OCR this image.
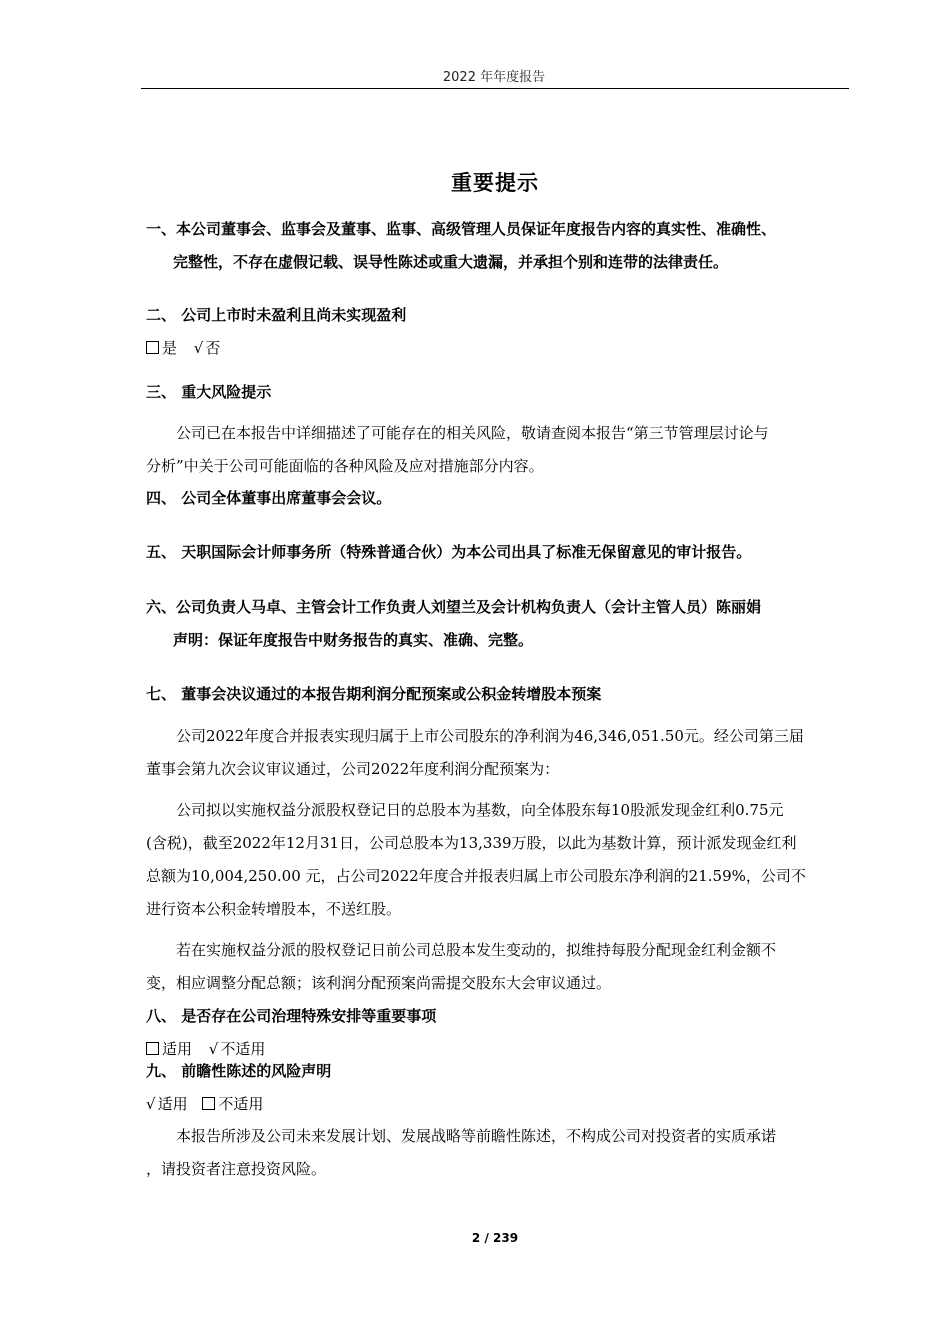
2022 年年度报告
重要提示
一、本公司董事会、监事会及董事、监事、高级管理人员保证年度报告内容的真实性、准确性、
完整性，不存在虚假记载、误导性陈述或重大遗漏，并承担个别和连带的法律责任。
二、 公司上市时未盈利且尚未实现盈利
是 √ 否
三、 重大风险提示
公司已在本报告中详细描述了可能存在的相关风险，敬请查阅本报告“第三节管理层讨论与
分析”中关于公司可能面临的各种风险及应对措施部分内容。
四、 公司全体董事出席董事会会议。
五、 天职国际会计师事务所（特殊普通合伙）为本公司出具了标准无保留意见的审计报告。
六、公司负责人马卓、主管会计工作负责人刘望兰及会计机构负责人（会计主管人员）陈丽娟
声明：保证年度报告中财务报告的真实、准确、完整。
七、 董事会决议通过的本报告期利润分配预案或公积金转增股本预案
公司2022年度合并报表实现归属于上市公司股东的净利润为46,346,051.50元。经公司第三届
董事会第九次会议审议通过，公司2022年度利润分配预案为：
公司拟以实施权益分派股权登记日的总股本为基数，向全体股东每10股派发现金红利0.75元
(含税)，截至2022年12月31日，公司总股本为13,339万股，以此为基数计算，预计派发现金红利
总额为10,004,250.00 元，占公司2022年度合并报表归属上市公司股东净利润的21.59%，公司不
进行资本公积金转增股本，不送红股。
若在实施权益分派的股权登记日前公司总股本发生变动的，拟维持每股分配现金红利金额不
变，相应调整分配总额；该利润分配预案尚需提交股东大会审议通过。
八、 是否存在公司治理特殊安排等重要事项
适用 √ 不适用
九、 前瞻性陈述的风险声明
√ 适用 不适用
本报告所涉及公司未来发展计划、发展战略等前瞻性陈述，不构成公司对投资者的实质承诺
，请投资者注意投资风险。
2 / 239
